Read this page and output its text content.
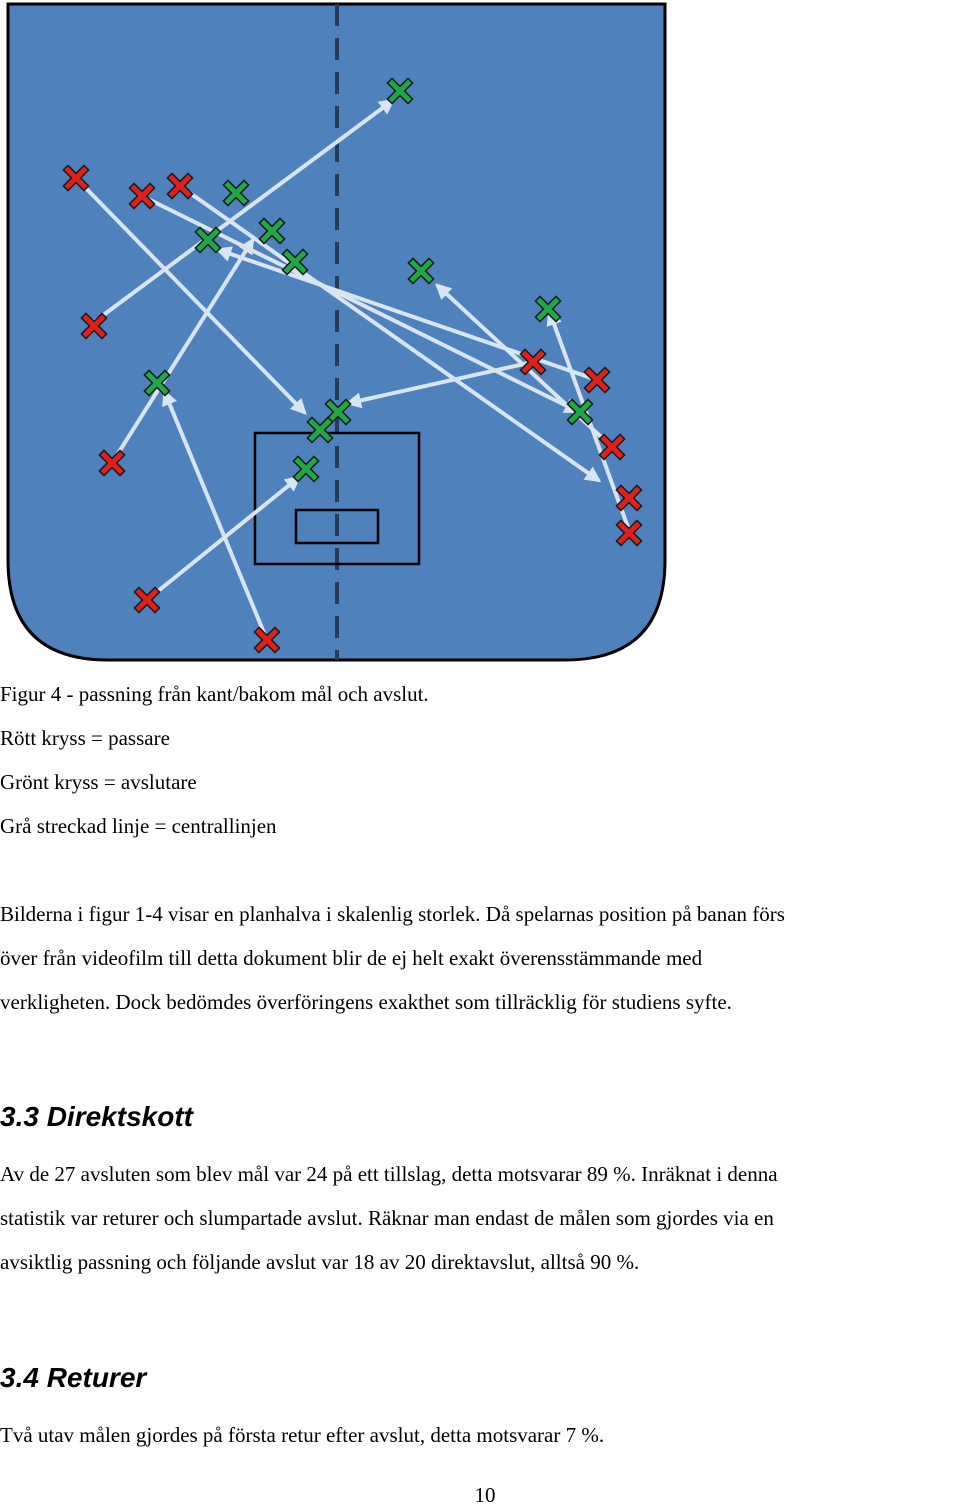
Figur 4 - passning från kant/bakom mål och avslut.
Rött kryss = passare
Grönt kryss = avslutare
Grå streckad linje = centrallinjen
Bilderna i figur 1-4 visar en planhalva i skalenlig storlek. Då spelarnas position på banan förs
över från videofilm till detta dokument blir de ej helt exakt överensstämmande med
verkligheten. Dock bedömdes överföringens exakthet som tillräcklig för studiens syfte.
3.3 Direktskott
Av de 27 avsluten som blev mål var 24 på ett tillslag, detta motsvarar 89 %. Inräknat i denna
statistik var returer och slumpartade avslut. Räknar man endast de målen som gjordes via en
avsiktlig passning och följande avslut var 18 av 20 direktavslut, alltså 90 %.
3.4 Returer
Två utav målen gjordes på första retur efter avslut, detta motsvarar 7 %.
10
